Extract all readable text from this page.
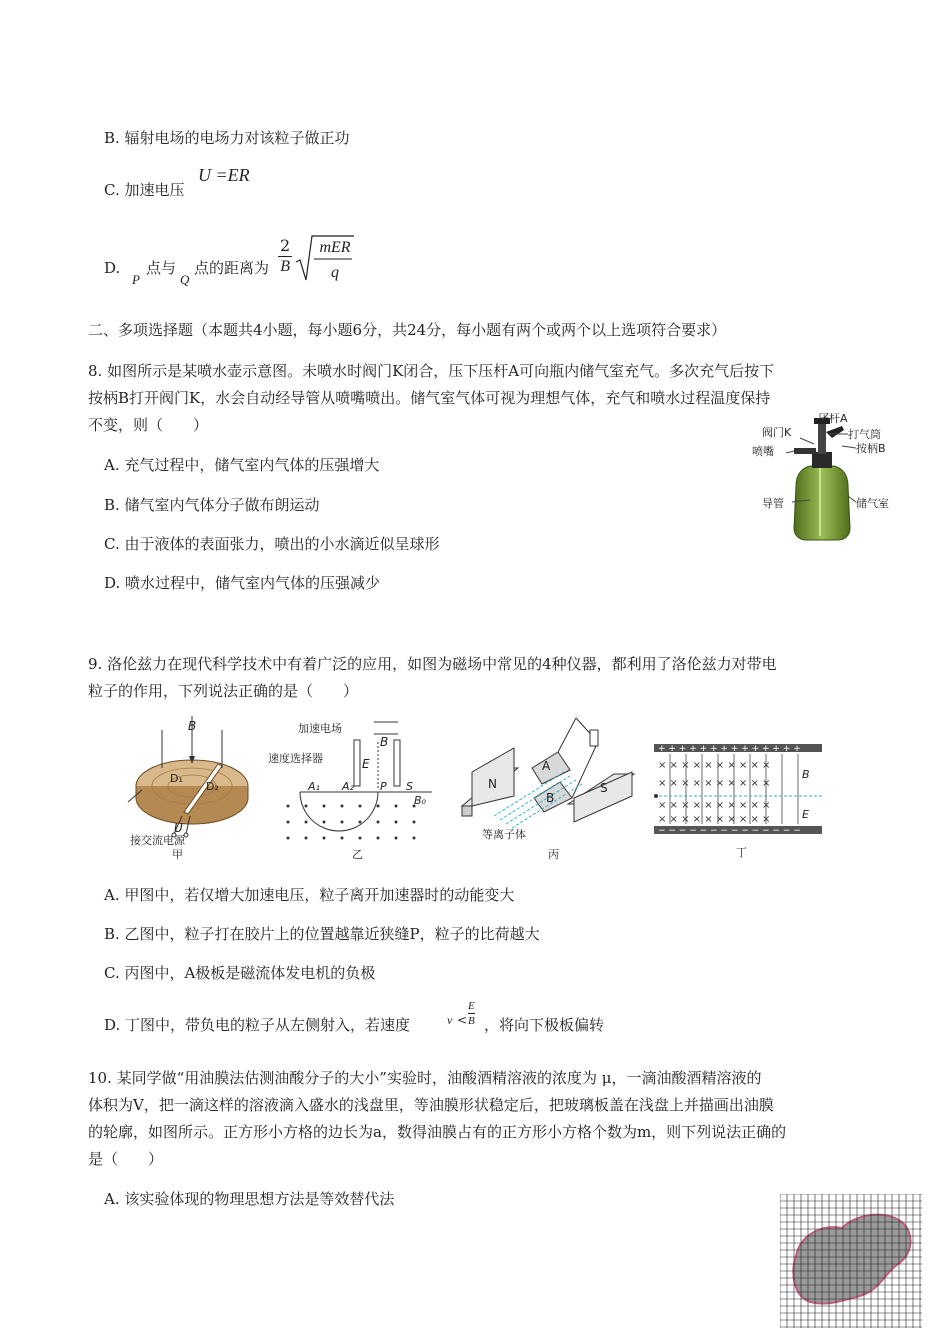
B. 辐射电场的电场力对该粒子做正功
C. 加速电压
U =ER
D.
P
点与
Q
点的距离为 $\frac{2}{B}$ mER
q
二、多项选择题（本题共4小题，每小题6分，共24分，每小题有两个或两个以上选项符合要求）
8. 如图所示是某喷水壶示意图。未喷水时阀门K闭合，压下压杆A可向瓶内储气室充气。多次充气后按下
按柄B打开阀门K，水会自动经导管从喷嘴喷出。储气室气体可视为理想气体，充气和喷水过程温度保持
不变，则（　　）
A. 充气过程中，储气室内气体的压强增大
B. 储气室内气体分子做布朗运动
C. 由于液体的表面张力，喷出的小水滴近似呈球形
D. 喷水过程中，储气室内气体的压强减少
压杆A
阀门K	打气筒
喷嘴	按柄B
导管	储气室
9. 洛伦兹力在现代科学技术中有着广泛的应用，如图为磁场中常见的4种仪器，都利用了洛伦兹力对带电
粒子的作用，下列说法正确的是（　　）
B
D₁
D₂
U
接交流电源
甲
加速电场
速度选择器
B
E
A₁ A₂ P S
B₀
乙
N
A
B
S
等离子体
丙
+ + + + + + + + + + + + + +
− − − − − − − − − − − − − −
× × × × × × × × × ×
× × × × × × × × × ×
× × × × × × × × × ×
× × × × × × × × × ×
B
E
丁
A. 甲图中，若仅增大加速电压，粒子离开加速器时的动能变大
B. 乙图中，粒子打在胶片上的位置越靠近狭缝P，粒子的比荷越大
C. 丙图中，A极板是磁流体发电机的负极
D. 丁图中，带负电的粒子从左侧射入，若速度	$v < \frac{E}{B}$ ，将向下极板偏转
10. 某同学做“用油膜法估测油酸分子的大小”实验时，油酸酒精溶液的浓度为 μ，一滴油酸酒精溶液的
体积为V，把一滴这样的溶液滴入盛水的浅盘里，等油膜形状稳定后，把玻璃板盖在浅盘上并描画出油膜
的轮廓，如图所示。正方形小方格的边长为a，数得油膜占有的正方形小方格个数为m，则下列说法正确的
是（　　）
A. 该实验体现的物理思想方法是等效替代法
